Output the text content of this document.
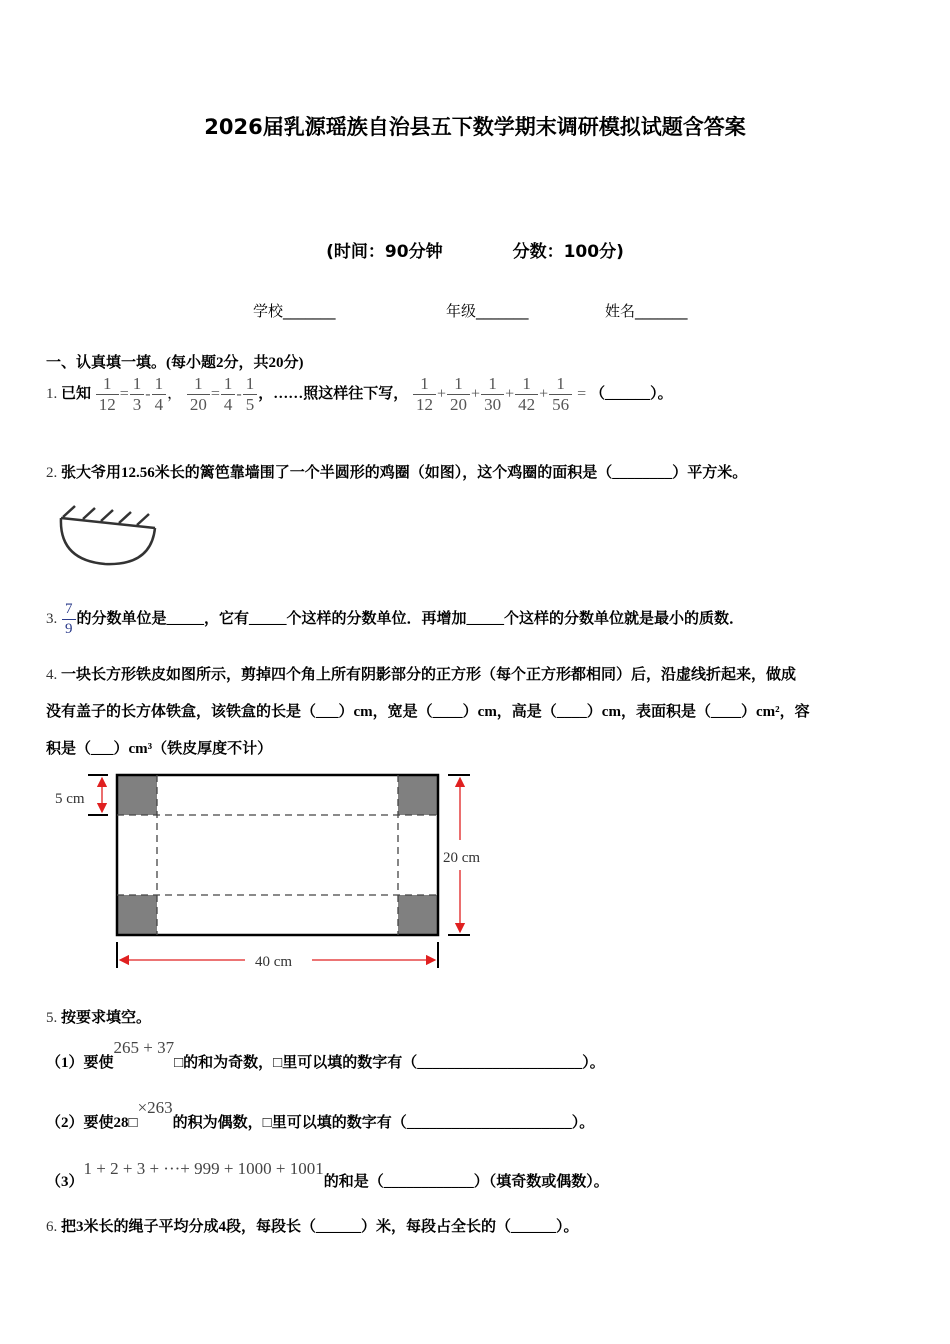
2026届乳源瑶族自治县五下数学期末调研模拟试题含答案
(时间：90分钟	分数：100分)
学校_______	年级_______	姓名_______
一、认真填一填。(每小题2分，共20分)
1. 已知 $\frac{1}{12} = \frac{1}{3} - \frac{1}{4}$ ， $\frac{1}{20} = \frac{1}{4} - \frac{1}{5}$ ，……照这样往下写， $\frac{1}{12} + \frac{1}{20} + \frac{1}{30} + \frac{1}{42} + \frac{1}{56}$ = （______）。
2. 张大爷用12.56米长的篱笆靠墙围了一个半圆形的鸡圈（如图），这个鸡圈的面积是（________）平方米。
3. $\frac{7}{9}$ 的分数单位是_____，它有_____个这样的分数单位．再增加_____个这样的分数单位就是最小的质数．
4. 一块长方形铁皮如图所示，剪掉四个角上所有阴影部分的正方形（每个正方形都相同）后，沿虚线折起来，做成
没有盖子的长方体铁盒，该铁盒的长是（___）cm，宽是（____）cm，高是（____）cm，表面积是（____）cm²，容
积是（___）cm³（铁皮厚度不计）
5 cm
20 cm
40 cm
5. 按要求填空。
（1）要使265 + 37□的和为奇数，□里可以填的数字有（______________________）。
（2）要使28□×263的积为偶数，□里可以填的数字有（______________________）。
（3）1 + 2 + 3 + ···+ 999 + 1000 + 1001的和是（____________）（填奇数或偶数）。
6. 把3米长的绳子平均分成4段，每段长（______）米，每段占全长的（______）。
